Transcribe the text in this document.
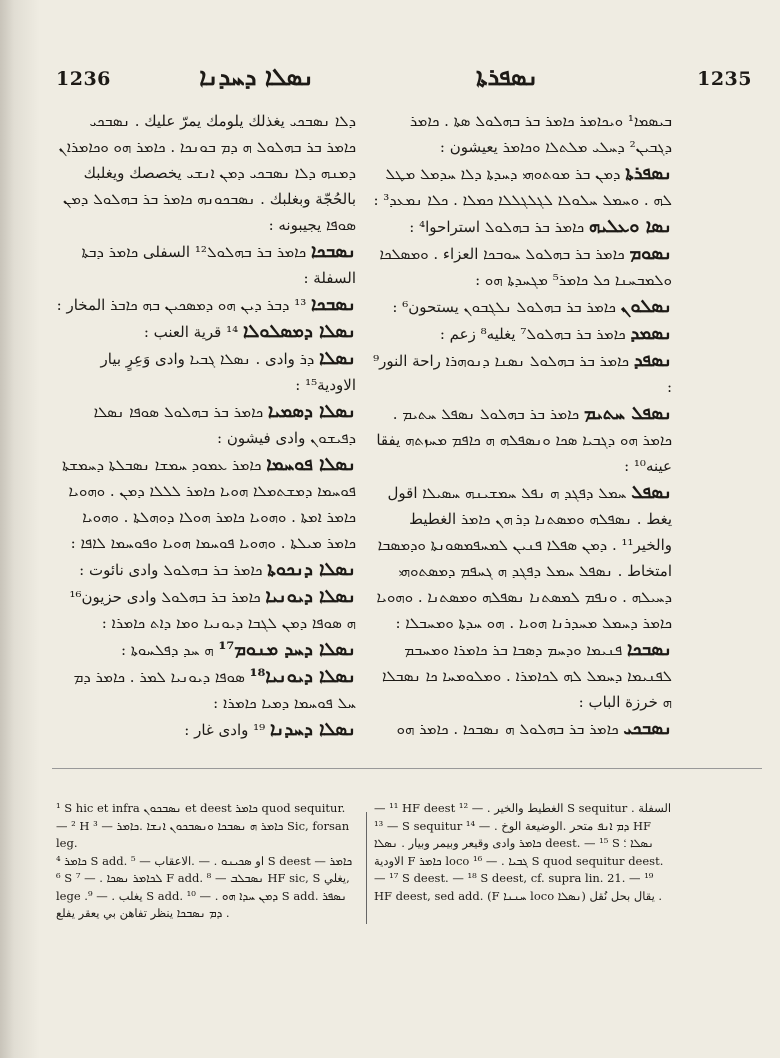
1236	ܢܣܠܐ ܕܚܕܢܐ	ܢܣܦܪܬܐ	1235

ܕܠܐ ܢܣܒܟܝ يغذلك يلومك يمرّ عليك . ܢܣܒܟܝ ܟܐܡܪ ܒܪ ܒܗܠܘܠ ܗ ܕܡ ܒܘܢܟܐ . ܟܐܡܪ ܗܘ ܘܟܐܡܪܐܢ ܕܡܢܗ ܕܠܐ ܢܣܒܟܝ ܕܡܢ ܐܢܫܝ يخصصك ويغلبك بالحُجّة وبغلبك . ܢܣܒܟܘܢܗ ܟܐܡܪ ܒܪ ܒܗܠܘܠ ܕܡܢ ܣܘܦܐ يجيبونه :

ܢܣܒܟܐ ܟܐܡܪ ܒܪ ܒܗܠܘܠ¹² السفلى ܟܐܡܪ ܕܒܬܐ السفلة :

ܢܣܒܟܐ ¹³ ܕܒܪ ܕܝܢ ܗܘ ܕܡܣܟܝܢ ܒܗ ܟܐܒܪ المخار :

ܢܣܠܐ ܕܡܣܠܘܠܐ ¹⁴ قرية العنب :

ܢܣܠܐ ܕܪ وادى . ܢܣܠܐ ܓܒܝܐ وادى وَعِرٍ بيار الاودية¹⁵ :

ܢܣܠܐ ܕܣܡܝܐ ܟܐܡܪ ܒܪ ܒܗܠܘܠ ܣܘܦܐ ܢܣܠܐ ܕܦܝܫܘܢ وادى فيشون :

ܢܣܠܐ ܦܘܚܡܐ ܟܐܡܪ ܥܡܘܕ ܚܡܫܐ ܢܣܒܠܬܐ ܕܚܡܫܬܐ ܦܘܚܡܐ ܕܡܫܬܡܠܐ ܗܘܝܐ ܟܐܡܪ ܠܠܠܐ ܕܡܢ . ܘܗܘܝܐ ܟܐܡܪ ܐܡܬܐ . ܘܗܘܝܐ ܟܐܡܪ ܗܘܠܐ ܕܘܗܠܬܐ . ܘܗܘܝܐ ܟܐܡܪ ܡܝܠܬܐ . ܘܗܘܝܐ ܦܘܚܡܐ ܗܘܝܐ ܘܦܘܚܡܐ ܠܐܦܐ :

ܢܣܠܐ ܕܢܟܘܬܐ ܟܐܡܪ ܒܪ ܒܗܠܘܠ وادى نائوت :

ܢܣܠܐ ܕܝܘܢܝܐ ܟܐܡܪ ܒܪ ܒܗܠܘܠ وادى حزيون¹⁶ ܗ ܣܘܦܐ ܕܡܢ ܠܓܒܐ ܕܝܘܢܝܐ ܘܡܐ ܕܐܬ ܟܐܡܪܐ :

ܢܣܠܐ ܕܚܕ ܡܢܘܡ¹⁷ ܗ ܚܕ ܕܦܠܚܘܬܐ :

ܢܣܠܐ ܕܝܘܢܝܐ¹⁸ ܣܘܦܐ ܕܝܘܢܝܐ ܠܡܪ . ܟܐܡܪ ܕܡ ܚܠ ܦܘܚܡܐ ܕܡܝܐ ܟܐܡܪܐ :

ܢܣܠܐ ܕܚܕܢܐ ¹⁹ وادى غار :

ܒܝܣܡܐ¹ ܘܝܟܐܡܪ ܟܐܡܪ ܒܪ ܒܗܠܘܠ ܣܬܐ . ܟܐܡܪ ܕܓܒܝܢ² ܕܚܠܝ ܡܠܬܠܐ ܘܟܐܡܪ يعيشون :

ܢܣܦܪܬܐ ܕܡܢ ܒܪ ܡܘܬܘܗܝ ܕܚܕܬܐ ܕܠܐ ܚܕܡܠ ܡܛܠ ܠܗ . ܘܚܡܠ ܚܠܘܠܐ ܠܓܠܓܠܠܐ ܟܡܠܐ . ܟܠܐ ܢܡܥܕ³ :

ܢܣܐ ܘܥܠܝܗ ܟܐܡܪ ܒܪ ܒܗܠܘܠ استراحوا⁴ :

ܢܣܘܡ ܟܐܡܪ ܒܪ ܒܗܠܘܠ ܚܘܒܟܐ العزاء . ܘܡܣܠܟܐ ܘܠܡܒܚܢܐ ܟܠ ܟܐܡܪ⁵ ܡܓܚܕܬܐ ܗܘ :

ܢܣܠܘܢ ܟܐܡܪ ܒܪ ܒܗܠܘܠ ܢܠܓܒܘܢ يستحون⁶ :

ܢܣܡܕ ܟܐܡܪ ܒܪ ܒܗܠܘܠ⁷ يغليه⁸ زعم :

ܢܣܦܕ ܟܐܡܪ ܒܪ ܒܗܠܘܠ ܢܣܢܐ ܕܢܘܗܪܐ راحة النور⁹ :

ܢܣܦܠ ܚܬܝܡ ܟܐܡܪ ܒܪ ܒܗܠܘܠ ܢܣܦܠ ܚܬܝܡ . ܟܐܡܪ ܗܘ ܕܓܒܝܐ ܣܟܐ ܘܢܣܦܠܗ ܗ ܟܐܦܡ ܡܚܙܬܗ يفقا عينه¹⁰ :

ܢܣܦܠ ܚܡܠ ܕܦܓܕ ܗ ܢܦܠ ܚܡܫܝܢܗ ܚܣܝܠܐ اقول يغط . ܢܣܦܠܗ ܘܡܣܬܢܐ ܕܪ ܗܢ ܟܐܡܪ الغطيط والخير¹¹ . ܕܡܢ ܣܦܠܐ ܦܢܝܢ ܠܡܚܦܡܣܘܢܬܐ ܘܕܡܣܒܐ امتخاط . ܢܣܦܠ ܚܡܠ ܕܦܓܕ ܗ ܓܚܦܡ ܕܡܣܬܘܗܝ ܕܚܝܠܗ . ܘܢܦܡ ܠܡܣܬܢܐ ܢܣܦܠܗ ܘܡܣܬܢܐ . ܘܗܘܝܐ ܟܐܡܪ ܕܚܡܠ ܡܚܕܪܢܐ ܗܘܝܐ . ܗܘ ܚܕܬܐ ܘܡܚܒܠܐ :

ܢܣܒܟܐ ܦܢܝܡܐ ܘܕܚܡ ܕܣܒܐ ܒܪ ܟܐܡܪܐ ܘܡܚܒܡ ܠܦܢܝܡܐ ܕܚܡܠ ܠܗ ܠܟܐܡܪܐ . ܘܡܠܘܡܚܐ ܟܐ ܢܣܒܠܐ ܗ خرزة الباب :

ܢܣܒܟܝ ܟܐܡܪ ܒܪ ܒܗܠܘܠ ܗ ܢܣܒܟܐ . ܟܐܡܪ ܗܘ

¹ S hic et infra ܢܣܒܟܘܢ et deest ܟܐܡܪ quod sequitur. — ² H ܟܐܡܪ ܗ ܢܣܒܟܐ ܘܢܣܒܟܘܢ ܐܢܫܐ .ܟܐܡܪ — ³ Sic, forsan leg.

ܟܐܡܪ ⁴ S add. او ܣܟܝܢܘ . — .الاعقاب — ⁵ S deest ܟܐܡܪ — ⁶ S ܠܟܐܡܪ ܢܣܟܐ . — ⁷ F add. ܢܣܒܠܒ — ⁸ HF sic, S يغلي, lege .يغلب . — ⁹ S add. ܕܡܢ ܚܕܐ ܗܘ . — ¹⁰ S add. ܢܣܦܪ ܕܡ ܢܣܒܟܐ ينظر تفاهن بي يعقر يفلع .

— ¹¹ HF deest الغطيط والخير . — ¹² S sequitur السفلة . — ¹³ S sequitur ܕܡ ܐܢܦ متحر .الوضيعة الوخ . — ¹⁴ HF ܟܐܡܪ وادى وقيعر وبيمر وبيار . ܢܣܠܐ deest. — ¹⁵ S ܢܣܠܐ ؛ الاودية F ܟܐܡܪ loco ܓܒܝܐ . — ¹⁶ S quod sequitur deest. — ¹⁷ S deest. — ¹⁸ S deest, cf. supra lin. 21. — ¹⁹ HF deest, sed add. (F ܚܢܢܐ loco ܢܣܠܐ) يقال بحل نُقل .
